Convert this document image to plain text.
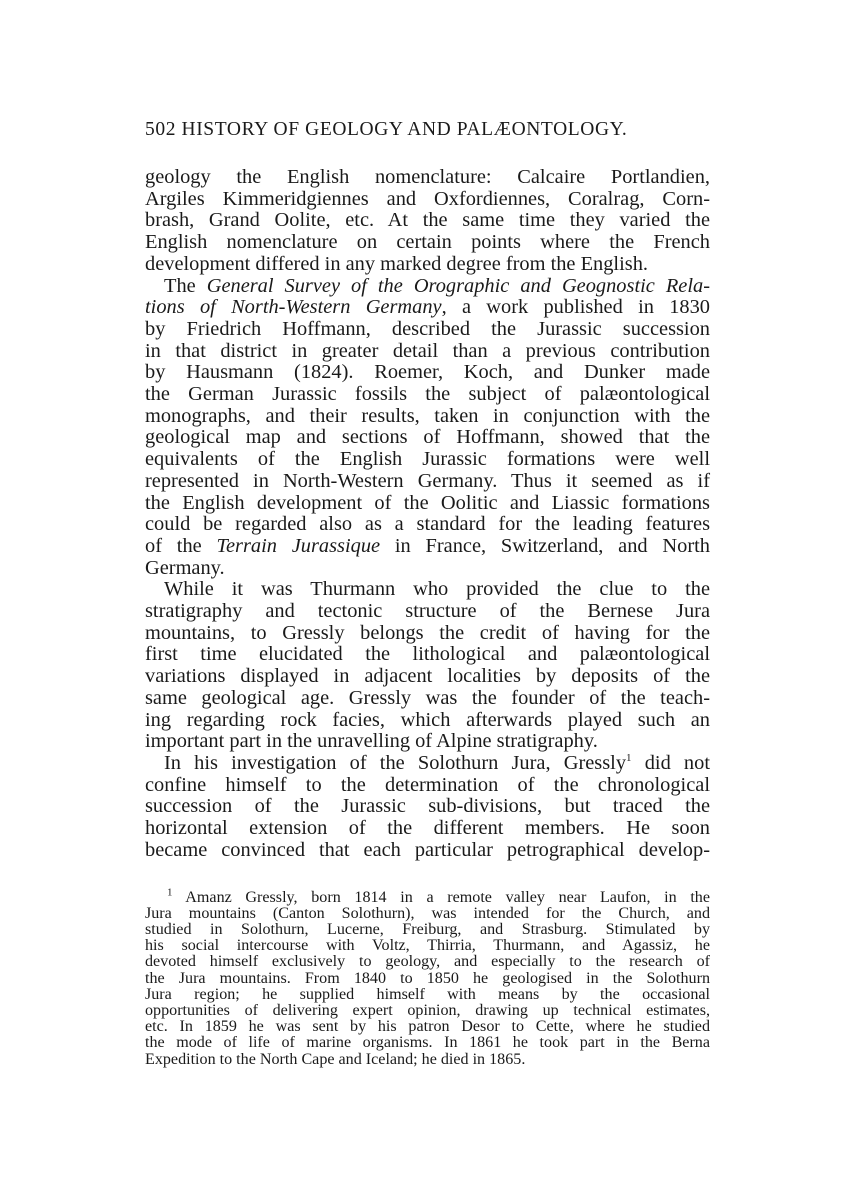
502 HISTORY OF GEOLOGY AND PALÆONTOLOGY.
geology the English nomenclature: Calcaire Portlandien,
Argiles Kimmeridgiennes and Oxfordiennes, Coralrag, Corn-
brash, Grand Oolite, etc. At the same time they varied the
English nomenclature on certain points where the French
development differed in any marked degree from the English.
The General Survey of the Orographic and Geognostic Rela-
tions of North-Western Germany, a work published in 1830
by Friedrich Hoffmann, described the Jurassic succession
in that district in greater detail than a previous contribution
by Hausmann (1824). Roemer, Koch, and Dunker made
the German Jurassic fossils the subject of palæontological
monographs, and their results, taken in conjunction with the
geological map and sections of Hoffmann, showed that the
equivalents of the English Jurassic formations were well
represented in North-Western Germany. Thus it seemed as if
the English development of the Oolitic and Liassic formations
could be regarded also as a standard for the leading features
of the Terrain Jurassique in France, Switzerland, and North
Germany.
While it was Thurmann who provided the clue to the
stratigraphy and tectonic structure of the Bernese Jura
mountains, to Gressly belongs the credit of having for the
first time elucidated the lithological and palæontological
variations displayed in adjacent localities by deposits of the
same geological age. Gressly was the founder of the teach-
ing regarding rock facies, which afterwards played such an
important part in the unravelling of Alpine stratigraphy.
In his investigation of the Solothurn Jura, Gressly$^1$ did not
confine himself to the determination of the chronological
succession of the Jurassic sub-divisions, but traced the
horizontal extension of the different members. He soon
became convinced that each particular petrographical develop-
$^1$ Amanz Gressly, born 1814 in a remote valley near Laufon, in the
Jura mountains (Canton Solothurn), was intended for the Church, and
studied in Solothurn, Lucerne, Freiburg, and Strasburg. Stimulated by
his social intercourse with Voltz, Thirria, Thurmann, and Agassiz, he
devoted himself exclusively to geology, and especially to the research of
the Jura mountains. From 1840 to 1850 he geologised in the Solothurn
Jura region; he supplied himself with means by the occasional
opportunities of delivering expert opinion, drawing up technical estimates,
etc. In 1859 he was sent by his patron Desor to Cette, where he studied
the mode of life of marine organisms. In 1861 he took part in the Berna
Expedition to the North Cape and Iceland; he died in 1865.
